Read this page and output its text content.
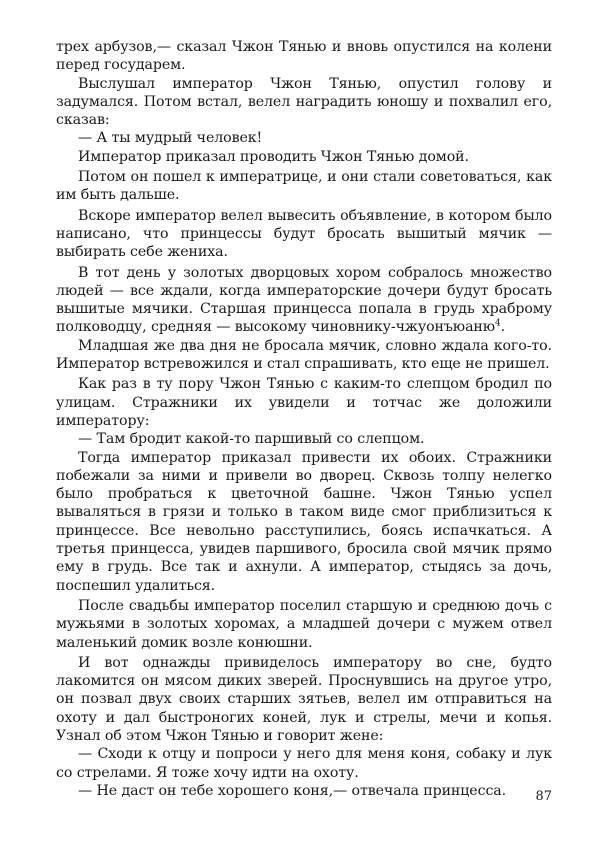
трех арбузов,— сказал Чжон Тянью и вновь опустился на колени перед государем.

Выслушал император Чжон Тянью, опустил голову и задумался. Потом встал, велел наградить юношу и похвалил его, сказав:

— А ты мудрый человек!

Император приказал проводить Чжон Тянью домой.

Потом он пошел к императрице, и они стали советоваться, как им быть дальше.

Вскоре император велел вывесить объявление, в котором было написано, что принцессы будут бросать вышитый мячик — выбирать себе жениха.

В тот день у золотых дворцовых хором собралось множество людей — все ждали, когда императорские дочери будут бросать вышитые мячики. Старшая принцесса попала в грудь храброму полководцу, средняя — высокому чиновнику-чжуонъюаню$^4$.

Младшая же два дня не бросала мячик, словно ждала кого-то. Император встревожился и стал спрашивать, кто еще не пришел.

Как раз в ту пору Чжон Тянью с каким-то слепцом бродил по улицам. Стражники их увидели и тотчас же доложили императору:

— Там бродит какой-то паршивый со слепцом.

Тогда император приказал привести их обоих. Стражники побежали за ними и привели во дворец. Сквозь толпу нелегко было пробраться к цветочной башне. Чжон Тянью успел вываляться в грязи и только в таком виде смог приблизиться к принцессе. Все невольно расступились, боясь испачкаться. А третья принцесса, увидев паршивого, бросила свой мячик прямо ему в грудь. Все так и ахнули. А император, стыдясь за дочь, поспешил удалиться.

После свадьбы император поселил старшую и среднюю дочь с мужьями в золотых хоромах, а младшей дочери с мужем отвел маленький домик возле конюшни.

И вот однажды привиделось императору во сне, будто лакомится он мясом диких зверей. Проснувшись на другое утро, он позвал двух своих старших зятьев, велел им отправиться на охоту и дал быстроногих коней, лук и стрелы, мечи и копья. Узнал об этом Чжон Тянью и говорит жене:

— Сходи к отцу и попроси у него для меня коня, собаку и лук со стрелами. Я тоже хочу идти на охоту.

— Не даст он тебе хорошего коня,— отвечала принцесса.	87
